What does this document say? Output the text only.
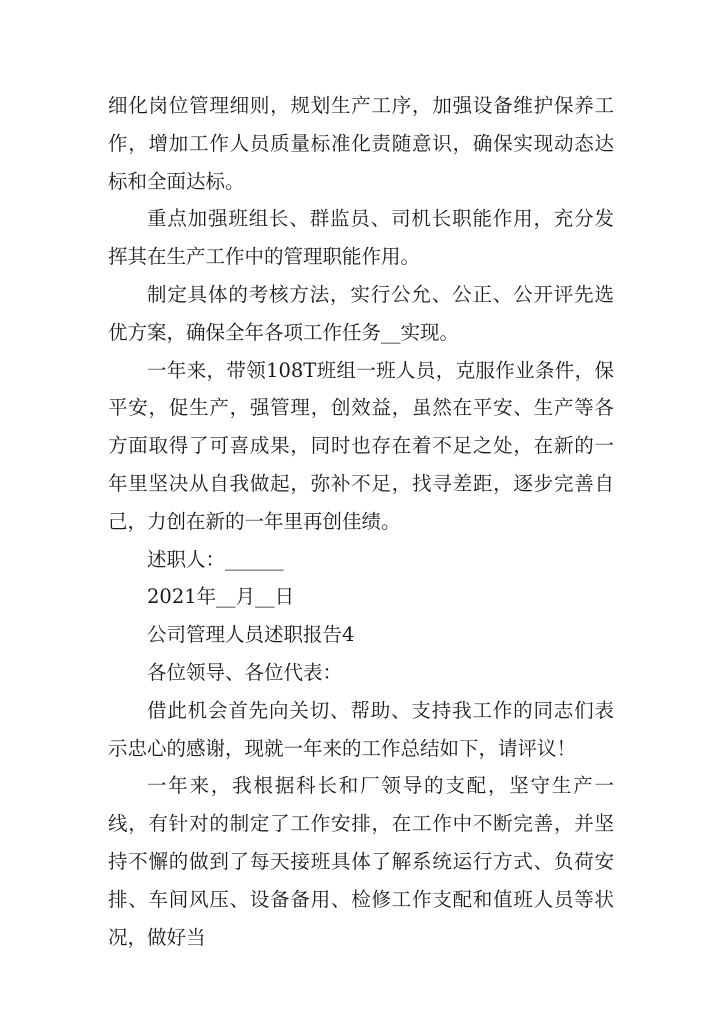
细化岗位管理细则，规划生产工序，加强设备维护保养工作，增加工作人员质量标准化责随意识，确保实现动态达标和全面达标。

重点加强班组长、群监员、司机长职能作用，充分发挥其在生产工作中的管理职能作用。

制定具体的考核方法，实行公允、公正、公开评先选优方案，确保全年各项工作任务__实现。

一年来，带领108T班组一班人员，克服作业条件，保平安，促生产，强管理，创效益，虽然在平安、生产等各方面取得了可喜成果，同时也存在着不足之处，在新的一年里坚决从自我做起，弥补不足，找寻差距，逐步完善自己，力创在新的一年里再创佳绩。

述职人：______

2021年__月__日

公司管理人员述职报告4

各位领导、各位代表：

借此机会首先向关切、帮助、支持我工作的同志们表示忠心的感谢，现就一年来的工作总结如下，请评议！

一年来，我根据科长和厂领导的支配，坚守生产一线，有针对的制定了工作安排，在工作中不断完善，并坚持不懈的做到了每天接班具体了解系统运行方式、负荷安排、车间风压、设备备用、检修工作支配和值班人员等状况，做好当
